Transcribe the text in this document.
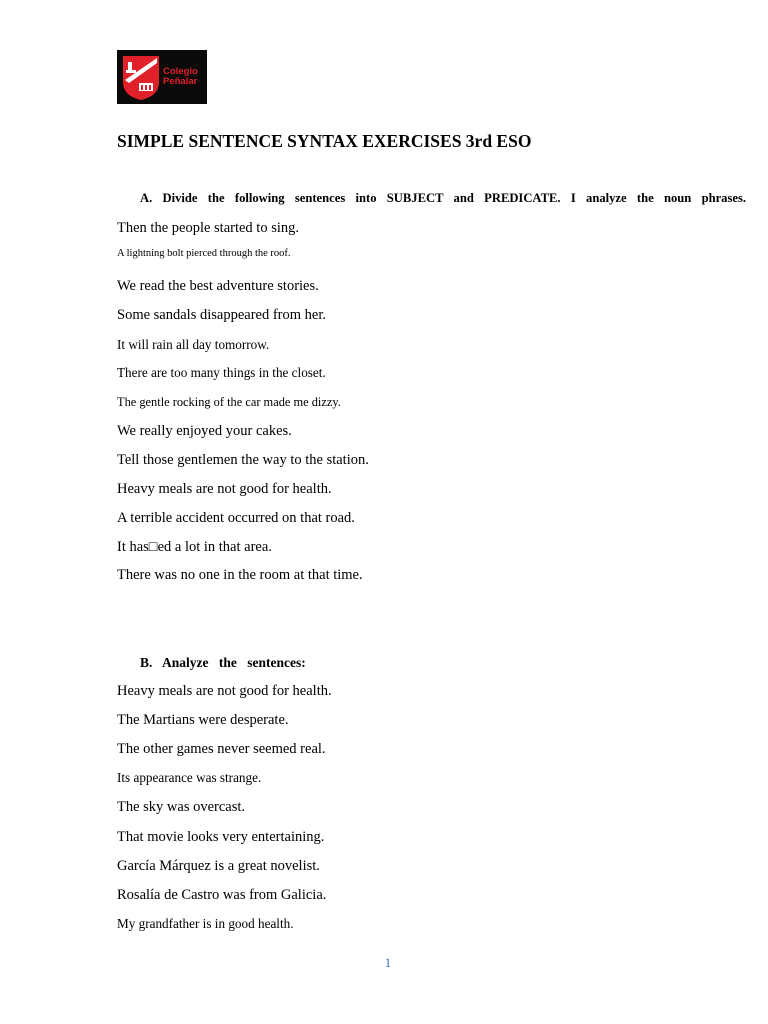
Colegio
Peñalar
SIMPLE SENTENCE SYNTAX EXERCISES 3rd ESO
A. Divide the following sentences into SUBJECT and PREDICATE. I analyze the noun phrases.
Then the people started to sing.
A lightning bolt pierced through the roof.
We read the best adventure stories.
Some sandals disappeared from her.
It will rain all day tomorrow.
There are too many things in the closet.
The gentle rocking of the car made me dizzy.
We really enjoyed your cakes.
Tell those gentlemen the way to the station.
Heavy meals are not good for health.
A terrible accident occurred on that road.
It has□ed a lot in that area.
There was no one in the room at that time.
B. Analyze the sentences:
Heavy meals are not good for health.
The Martians were desperate.
The other games never seemed real.
Its appearance was strange.
The sky was overcast.
That movie looks very entertaining.
García Márquez is a great novelist.
Rosalía de Castro was from Galicia.
My grandfather is in good health.
1
